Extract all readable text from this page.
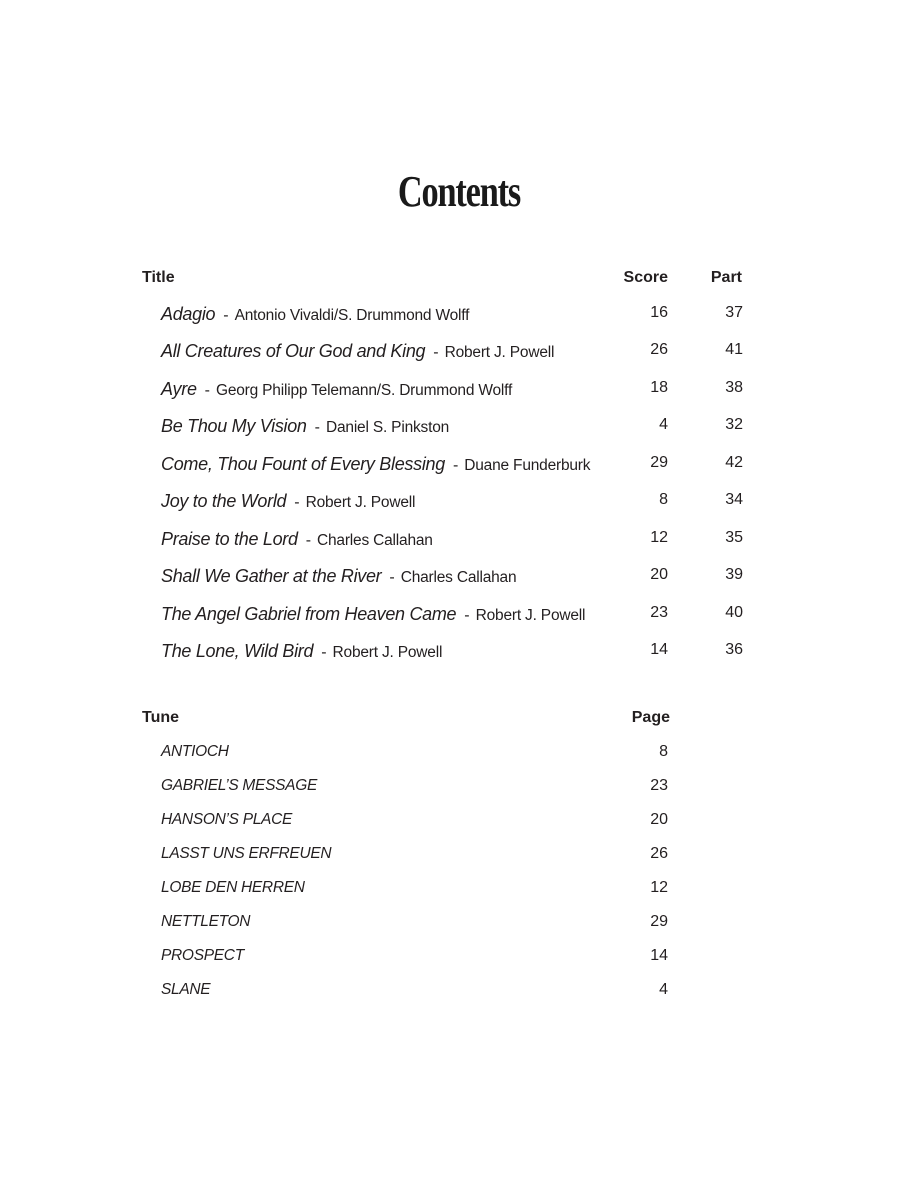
Contents
Title	Score	Part
Adagio - Antonio Vivaldi/S. Drummond Wolff	16	37
All Creatures of Our God and King - Robert J. Powell	26	41
Ayre - Georg Philipp Telemann/S. Drummond Wolff	18	38
Be Thou My Vision - Daniel S. Pinkston	4	32
Come, Thou Fount of Every Blessing - Duane Funderburk	29	42
Joy to the World - Robert J. Powell	8	34
Praise to the Lord - Charles Callahan	12	35
Shall We Gather at the River - Charles Callahan	20	39
The Angel Gabriel from Heaven Came - Robert J. Powell	23	40
The Lone, Wild Bird - Robert J. Powell	14	36
Tune	Page
ANTIOCH	8
GABRIEL’S MESSAGE	23
HANSON’S PLACE	20
LASST UNS ERFREUEN	26
LOBE DEN HERREN	12
NETTLETON	29
PROSPECT	14
SLANE	4
